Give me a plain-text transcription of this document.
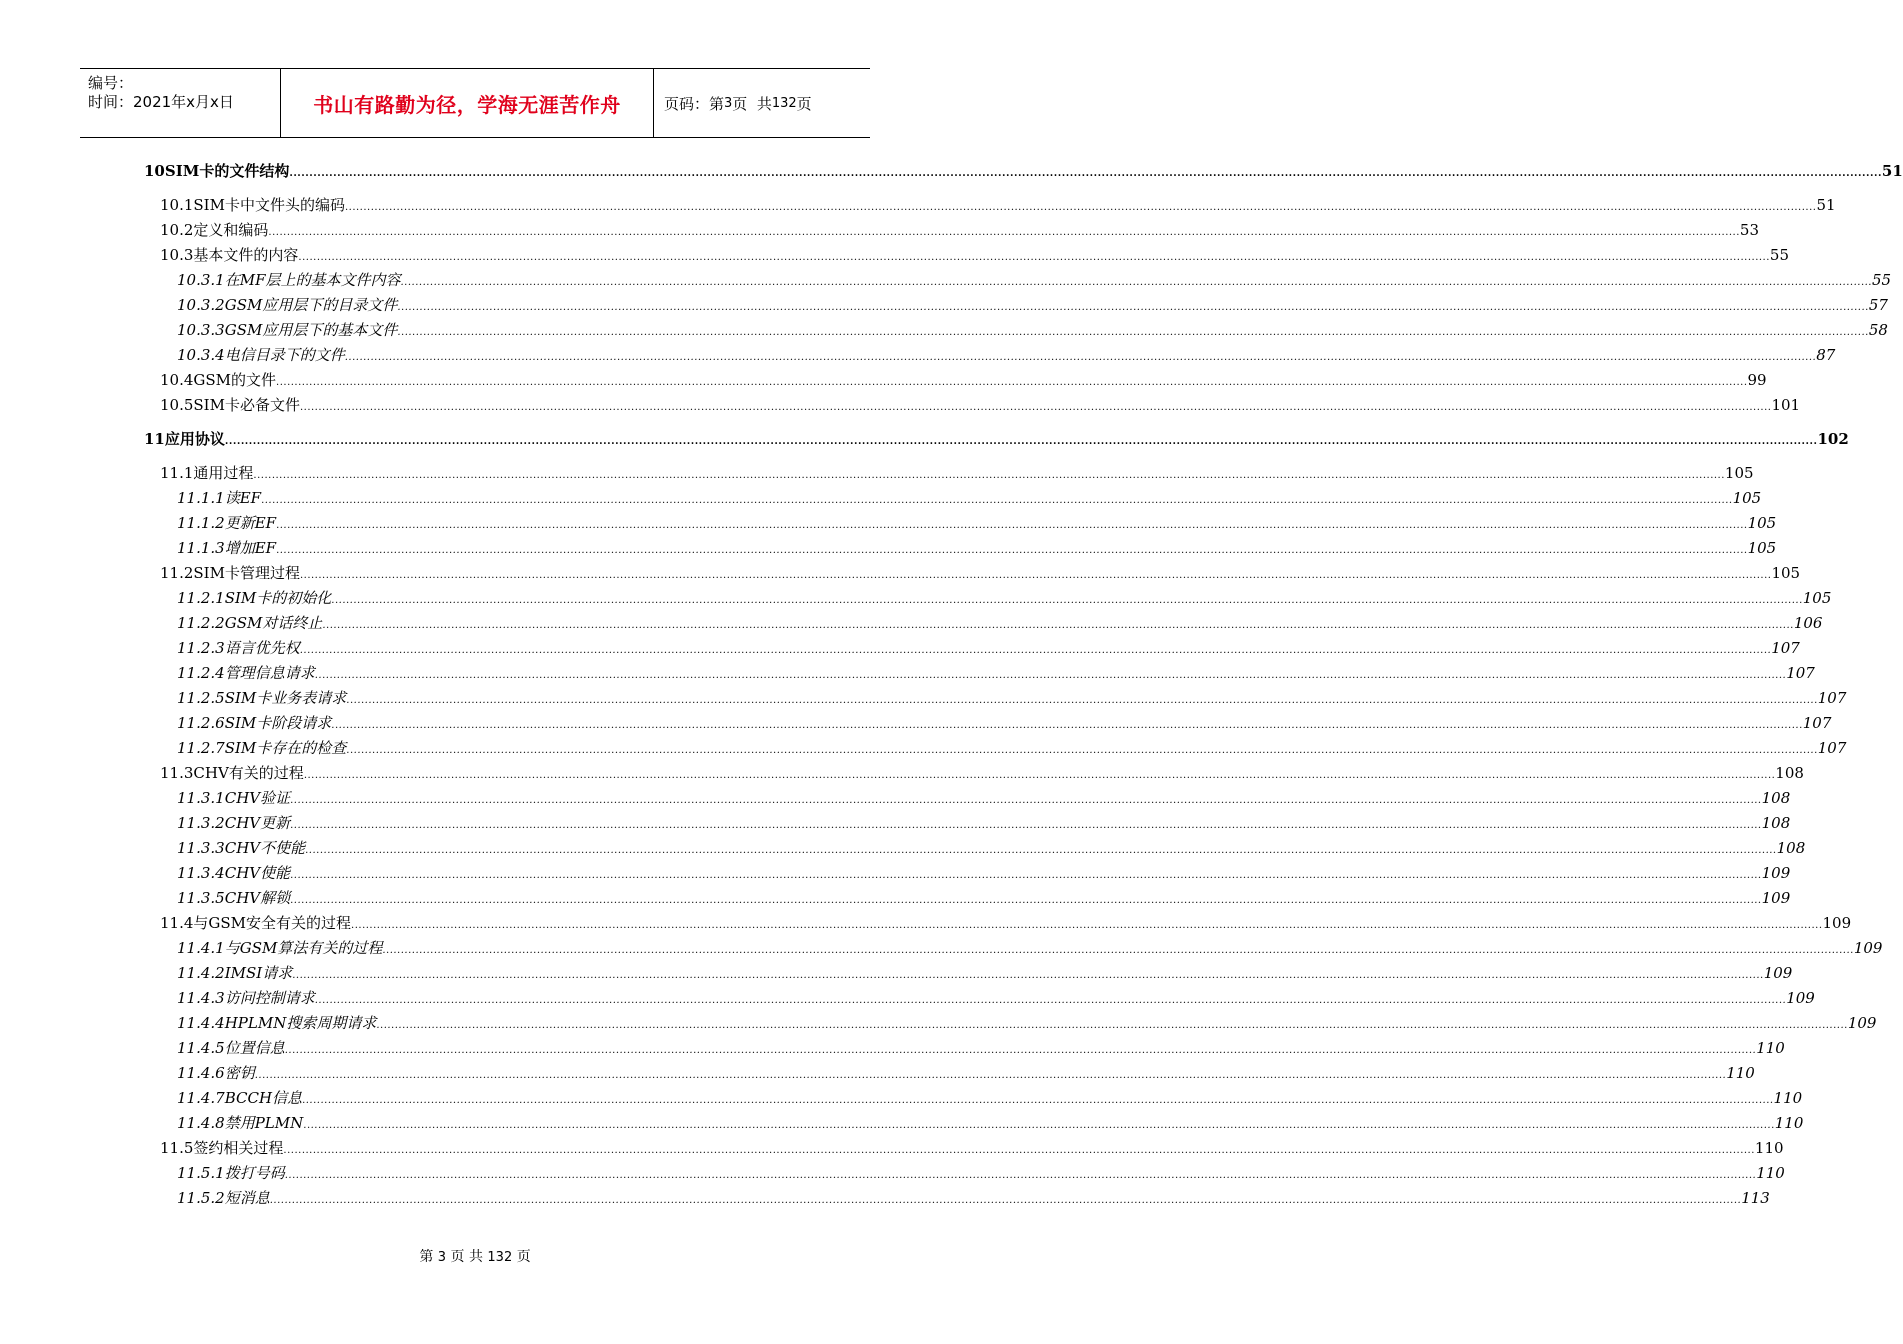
编号：
时间：2021年x月x日	书山有路勤为径，学海无涯苦作舟	页码：第 3 页  共 132 页
10 SIM卡的文件结构 ................................................................................................................................................................................................................................................................................................................................................................................................................ 51
10.1 SIM卡中文件头的编码 ................................................................................................................................................................................................................................................................................................................................................................................................................ 51
10.2 定义和编码 ................................................................................................................................................................................................................................................................................................................................................................................................................ 53
10.3 基本文件的内容 ................................................................................................................................................................................................................................................................................................................................................................................................................ 55
10.3.1 在MF层上的基本文件内容 ................................................................................................................................................................................................................................................................................................................................................................................................................ 55
10.3.2 GSM应用层下的目录文件 ................................................................................................................................................................................................................................................................................................................................................................................................................ 57
10.3.3 GSM应用层下的基本文件 ................................................................................................................................................................................................................................................................................................................................................................................................................ 58
10.3.4 电信目录下的文件 ................................................................................................................................................................................................................................................................................................................................................................................................................ 87
10.4 GSM的文件 ................................................................................................................................................................................................................................................................................................................................................................................................................ 99
10.5 SIM卡必备文件 ................................................................................................................................................................................................................................................................................................................................................................................................................ 101
11 应用协议 ................................................................................................................................................................................................................................................................................................................................................................................................................ 102
11.1 通用过程 ................................................................................................................................................................................................................................................................................................................................................................................................................ 105
11.1.1 读EF ................................................................................................................................................................................................................................................................................................................................................................................................................ 105
11.1.2 更新EF ................................................................................................................................................................................................................................................................................................................................................................................................................ 105
11.1.3 增加EF ................................................................................................................................................................................................................................................................................................................................................................................................................ 105
11.2 SIM卡管理过程 ................................................................................................................................................................................................................................................................................................................................................................................................................ 105
11.2.1 SIM卡的初始化 ................................................................................................................................................................................................................................................................................................................................................................................................................ 105
11.2.2 GSM对话终止 ................................................................................................................................................................................................................................................................................................................................................................................................................ 106
11.2.3 语言优先权 ................................................................................................................................................................................................................................................................................................................................................................................................................ 107
11.2.4 管理信息请求 ................................................................................................................................................................................................................................................................................................................................................................................................................ 107
11.2.5 SIM卡业务表请求 ................................................................................................................................................................................................................................................................................................................................................................................................................ 107
11.2.6 SIM卡阶段请求 ................................................................................................................................................................................................................................................................................................................................................................................................................ 107
11.2.7 SIM卡存在的检查 ................................................................................................................................................................................................................................................................................................................................................................................................................ 107
11.3 CHV有关的过程 ................................................................................................................................................................................................................................................................................................................................................................................................................ 108
11.3.1 CHV验证 ................................................................................................................................................................................................................................................................................................................................................................................................................ 108
11.3.2 CHV更新 ................................................................................................................................................................................................................................................................................................................................................................................................................ 108
11.3.3 CHV不使能 ................................................................................................................................................................................................................................................................................................................................................................................................................ 108
11.3.4 CHV使能 ................................................................................................................................................................................................................................................................................................................................................................................................................ 109
11.3.5 CHV解锁 ................................................................................................................................................................................................................................................................................................................................................................................................................ 109
11.4 与GSM安全有关的过程 ................................................................................................................................................................................................................................................................................................................................................................................................................ 109
11.4.1 与GSM算法有关的过程 ................................................................................................................................................................................................................................................................................................................................................................................................................ 109
11.4.2 IMSI请求 ................................................................................................................................................................................................................................................................................................................................................................................................................ 109
11.4.3 访问控制请求 ................................................................................................................................................................................................................................................................................................................................................................................................................ 109
11.4.4 HPLMN搜索周期请求 ................................................................................................................................................................................................................................................................................................................................................................................................................ 109
11.4.5 位置信息 ................................................................................................................................................................................................................................................................................................................................................................................................................ 110
11.4.6 密钥 ................................................................................................................................................................................................................................................................................................................................................................................................................ 110
11.4.7 BCCH信息 ................................................................................................................................................................................................................................................................................................................................................................................................................ 110
11.4.8 禁用PLMN ................................................................................................................................................................................................................................................................................................................................................................................................................ 110
11.5 签约相关过程 ................................................................................................................................................................................................................................................................................................................................................................................................................ 110
11.5.1 拨打号码 ................................................................................................................................................................................................................................................................................................................................................................................................................ 110
11.5.2 短消息 ................................................................................................................................................................................................................................................................................................................................................................................................................ 113
第 3 页 共 132 页
